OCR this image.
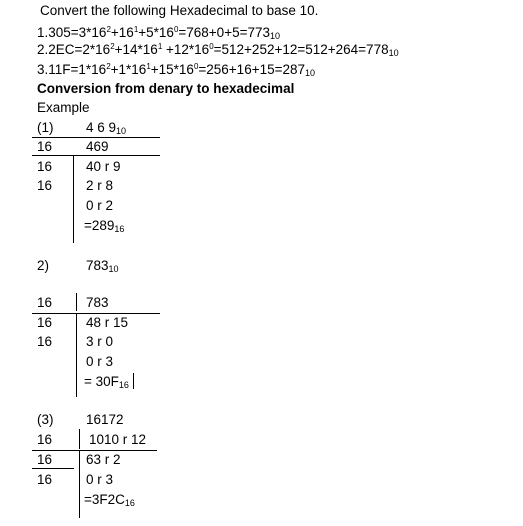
Convert the following Hexadecimal to base 10.
$1.305=3*16^2+16^1+5*16^0=768+0+5=773_{10}$
$2.2EC=2*16^2+14*16^1 +12*16^0=512+252+12=512+264=778_{10}$
$3.11F=1*16^2+1*16^1+15*16^0=256+16+15=287_{10}$
Conversion from denary to hexadecimal
Example
(1) 4 6 $9_{10}$
16	469
16	40 r 9
16	2 r 8
0 r 2
$=289_{16}$
2)	$783_{10}$
16	783
16	48 r 15
16	3 r 0
0 r 3
= $30F_{16}$
(3) 16172
16	1010 r 12
16	63 r 2
16	0 r 3
$=3F2C_{16}$
